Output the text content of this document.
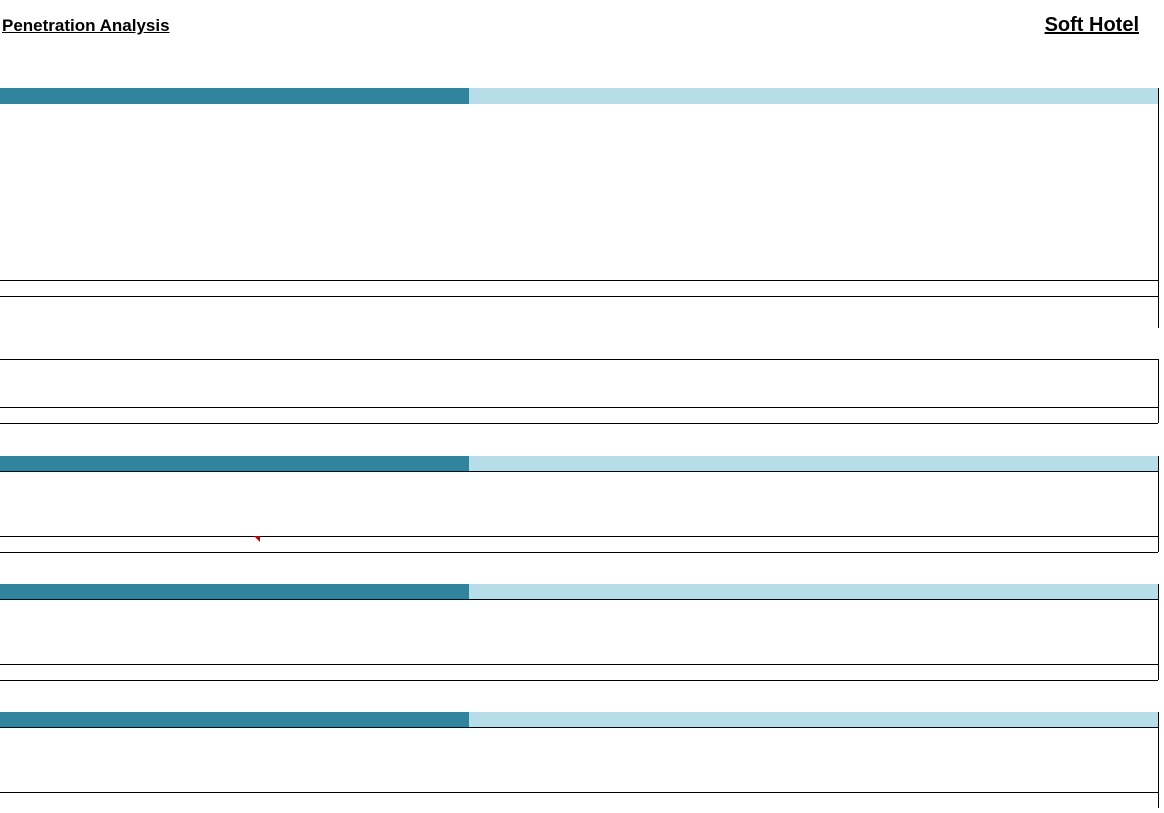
Penetration Analysis	Soft Hotel
